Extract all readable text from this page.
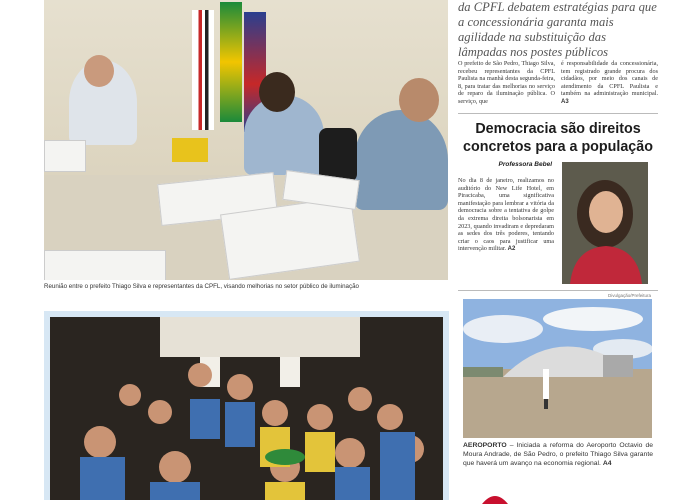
Reunião entre o prefeito Thiago Silva e representantes da CPFL, visando melhorias no setor público de iluminação
da CPFL debatem estratégias para que a concessionária garanta mais agilidade na substituição das lâmpadas nos postes públicos
O prefeito de São Pedro, Thiago Silva, recebeu representantes da CPFL Paulista na manhã desta segunda-feira, 8, para tratar das melhorias no serviço de reparo da iluminação pública. O serviço, que
é responsabilidade da concessionária, tem registrado grande procura dos cidadãos, por meio dos canais de atendimento da CPFL Paulista e também na administração municipal. A3
Democracia são direitos concretos para a população
Professora Bebel
No dia 8 de janeiro, realizamos no auditório do New Life Hotel, em Piracicaba, uma significativa manifestação para lembrar a vitória da democracia sobre a tentativa de golpe da extrema direita bolsonarista em 2023, quando invadiram e depredaram as sedes dos três poderes, tentando criar o caos para justificar uma intervenção militar. A2
Divulgação/Prefeitura
AEROPORTO – Iniciada a reforma do Aeroporto Octavio de Moura Andrade, de São Pedro, o prefeito Thiago Silva garante que haverá um avanço na economia regional. A4
